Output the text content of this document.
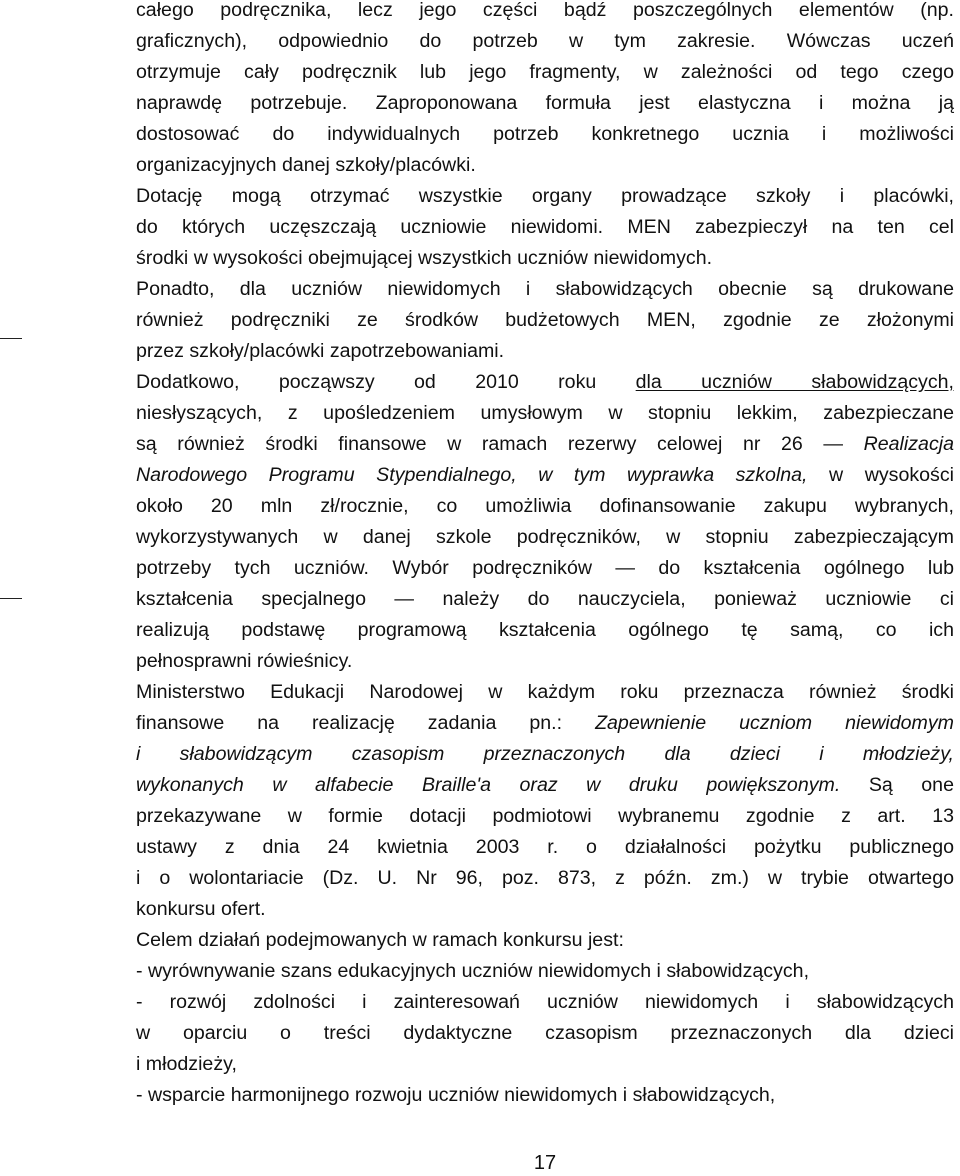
całego podręcznika, lecz jego części bądź poszczególnych elementów (np.
graficznych), odpowiednio do potrzeb w tym zakresie. Wówczas uczeń
otrzymuje cały podręcznik lub jego fragmenty, w zależności od tego czego
naprawdę potrzebuje. Zaproponowana formuła jest elastyczna i można ją
dostosować do indywidualnych potrzeb konkretnego ucznia i możliwości
organizacyjnych danej szkoły/placówki.
Dotację mogą otrzymać wszystkie organy prowadzące szkoły i placówki,
do których uczęszczają uczniowie niewidomi. MEN zabezpieczył na ten cel
środki w wysokości obejmującej wszystkich uczniów niewidomych.
Ponadto, dla uczniów niewidomych i słabowidzących obecnie są drukowane
również podręczniki ze środków budżetowych MEN, zgodnie ze złożonymi
przez szkoły/placówki zapotrzebowaniami.
Dodatkowo, począwszy od 2010 roku dla uczniów słabowidzących,
niesłyszących, z upośledzeniem umysłowym w stopniu lekkim, zabezpieczane
są również środki finansowe w ramach rezerwy celowej nr 26 — Realizacja
Narodowego Programu Stypendialnego, w tym wyprawka szkolna, w wysokości
około 20 mln zł/rocznie, co umożliwia dofinansowanie zakupu wybranych,
wykorzystywanych w danej szkole podręczników, w stopniu zabezpieczającym
potrzeby tych uczniów. Wybór podręczników — do kształcenia ogólnego lub
kształcenia specjalnego — należy do nauczyciela, ponieważ uczniowie ci
realizują podstawę programową kształcenia ogólnego tę samą, co ich
pełnosprawni rówieśnicy.
Ministerstwo Edukacji Narodowej w każdym roku przeznacza również środki
finansowe na realizację zadania pn.: Zapewnienie uczniom niewidomym
i słabowidzącym czasopism przeznaczonych dla dzieci i młodzieży,
wykonanych w alfabecie Braille'a oraz w druku powiększonym. Są one
przekazywane w formie dotacji podmiotowi wybranemu zgodnie z art. 13
ustawy z dnia 24 kwietnia 2003 r. o działalności pożytku publicznego
i o wolontariacie (Dz. U. Nr 96, poz. 873, z późn. zm.) w trybie otwartego
konkursu ofert.
Celem działań podejmowanych w ramach konkursu jest:
- wyrównywanie szans edukacyjnych uczniów niewidomych i słabowidzących,
- rozwój zdolności i zainteresowań uczniów niewidomych i słabowidzących
w oparciu o treści dydaktyczne czasopism przeznaczonych dla dzieci
i młodzieży,
- wsparcie harmonijnego rozwoju uczniów niewidomych i słabowidzących,
17
